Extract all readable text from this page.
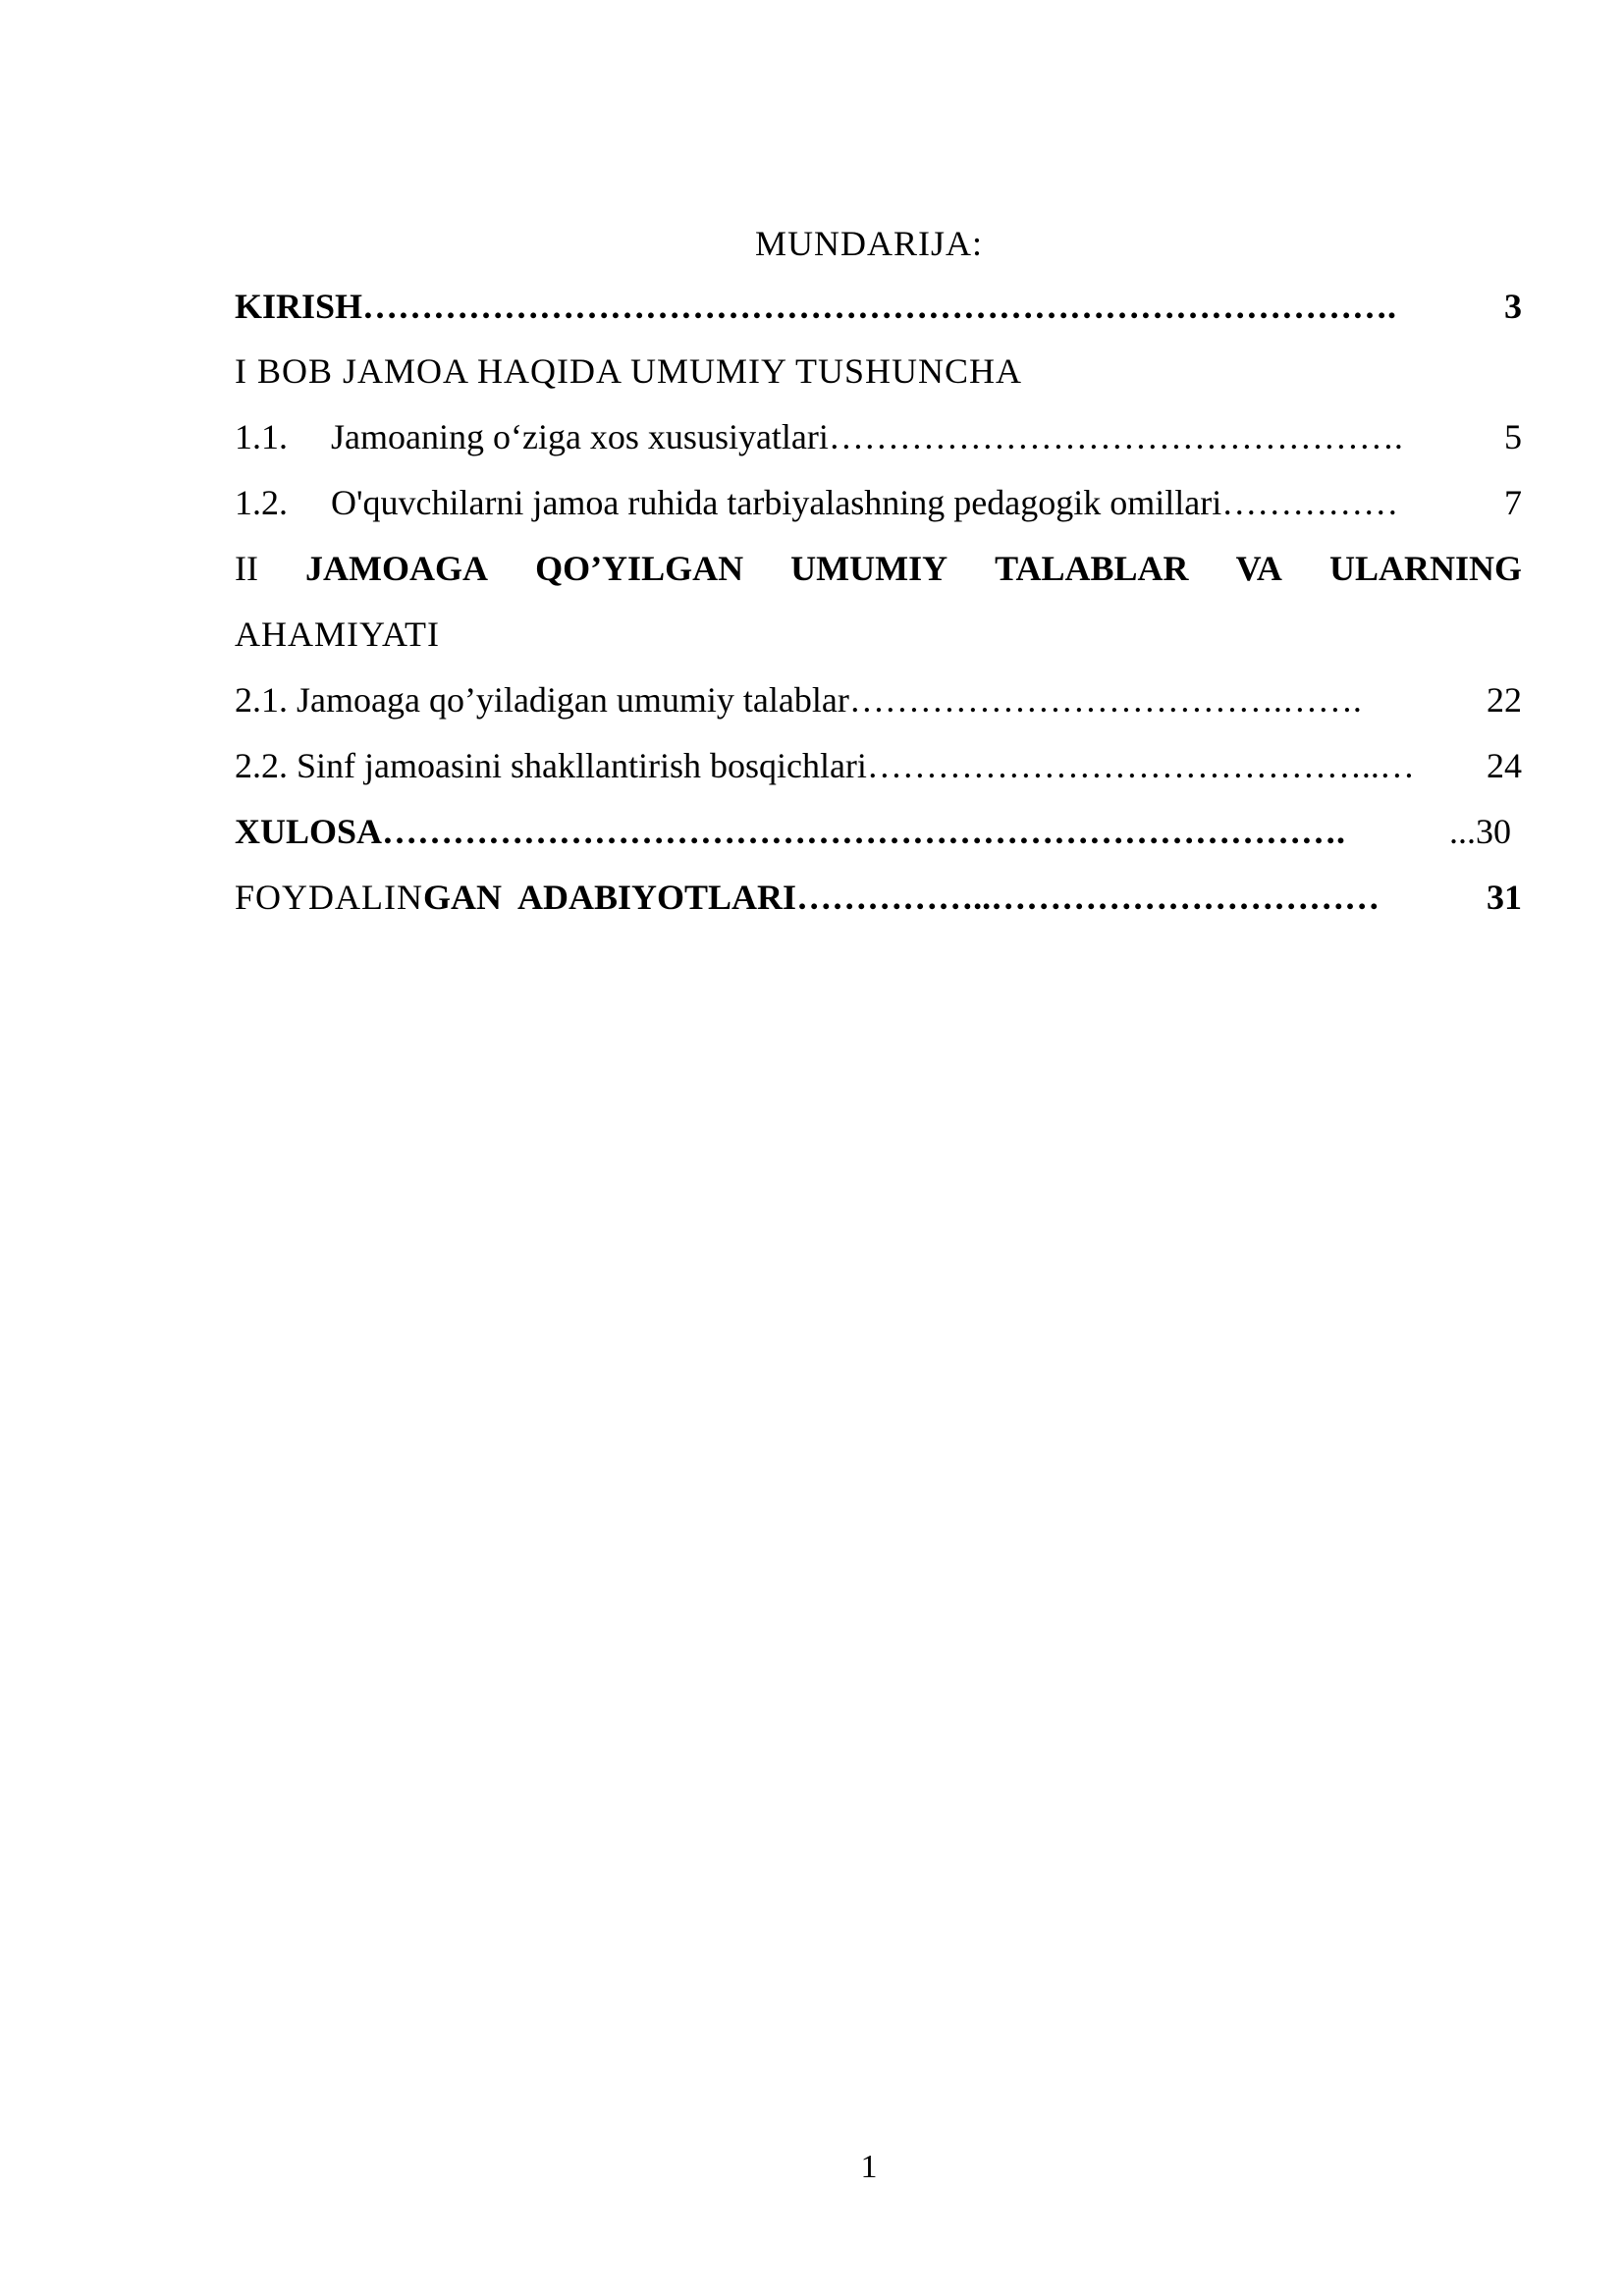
MUNDARIJA:
KIRISH …………………………………………………………………………….	3
I BOB JAMOA HAQIDA UMUMIY TUSHUNCHA
1.1.	Jamoaning o‘ziga xos xususiyatlari ………………………………………….	5
1.2.	O'quvchilarni jamoa ruhida tarbiyalashning pedagogik omillari ……………	7
II JAMOAGA QO’YILGAN UMUMIY TALABLAR VA ULARNING
AHAMIYATI
2.1. Jamoaga qo’yiladigan umumiy talablar ……………………………….…….	22
2.2. Sinf jamoasini shakllantirish bosqichlari ……………………………………..…	24
XULOSA ……………………………………………………………………….	...30
FOYDALIN GAN  ADABIYOTLARI ……………..……………………………	31
1
